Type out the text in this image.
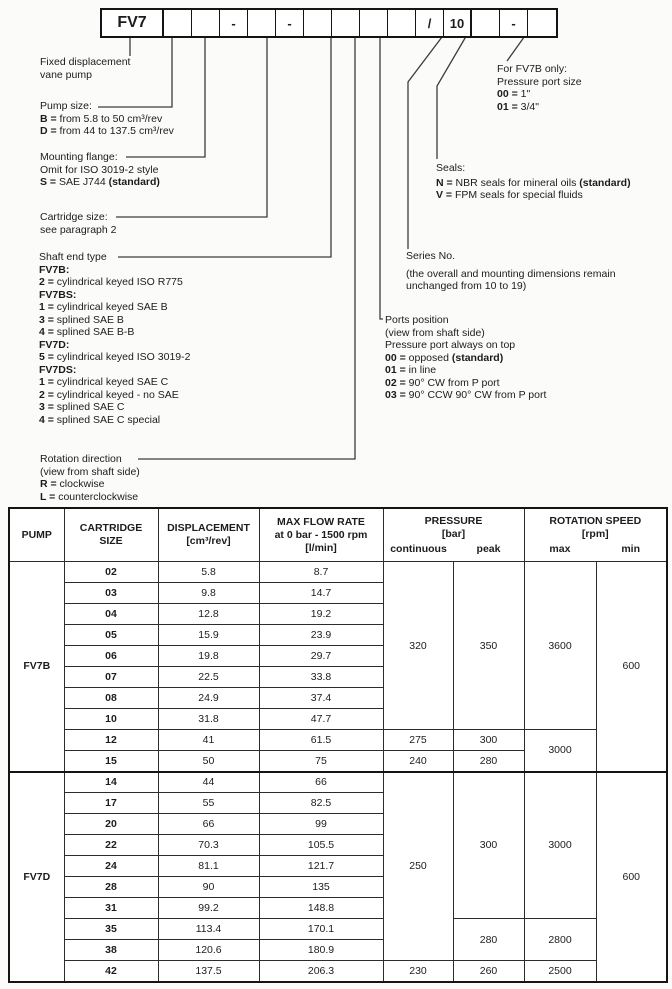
FV7	-	-	/	10	-
Fixed displacement
vane pump
Pump size:
B = from 5.8 to 50 cm³/rev
D = from 44 to 137.5 cm³/rev
Mounting flange:
Omit for ISO 3019-2 style
S = SAE J744 (standard)
Cartridge size:
see paragraph 2
Shaft end type
FV7B:
2 = cylindrical keyed ISO R775
FV7BS:
1 = cylindrical keyed SAE B
3 = splined SAE B
4 = splined SAE B-B
FV7D:
5 = cylindrical keyed ISO 3019-2
FV7DS:
1 = cylindrical keyed SAE C
2 = cylindrical keyed - no SAE
3 = splined SAE C
4 = splined SAE C special
Rotation direction
(view from shaft side)
R = clockwise
L = counterclockwise
For FV7B only:
Pressure port size
00 = 1"
01 = 3/4"
Seals:
N = NBR seals for mineral oils (standard)
V = FPM seals for special fluids
Series No.
(the overall and mounting dimensions remain
unchanged from 10 to 19)
Ports position
(view from shaft side)
Pressure port always on top
00 = opposed (standard)
01 = in line
02 = 90° CW from P port
03 = 90° CCW 90° CW from P port
PUMP

CARTRIDGE
SIZE

DISPLACEMENT
[cm³/rev]

MAX FLOW RATE
at 0 bar - 1500 rpm
[l/min]

PRESSURE
[bar]
continuous	peak

ROTATION SPEED
[rpm]
max	min

FV7B	02	5.8	8.7	320	350	3600	600
	03	9.8	14.7				
	04	12.8	19.2				
	05	15.9	23.9				
	06	19.8	29.7				
	07	22.5	33.8				
	08	24.9	37.4				
	10	31.8	47.7				
	12	41	61.5	275	300	3000	
	15	50	75	240	280		
FV7D	14	44	66	250	300	3000	600
	17	55	82.5				
	20	66	99				
	22	70.3	105.5				
	24	81.1	121.7				
	28	90	135				
	31	99.2	148.8				
	35	113.4	170.1		280	2800	
	38	120.6	180.9				
	42	137.5	206.3	230	260	2500	
